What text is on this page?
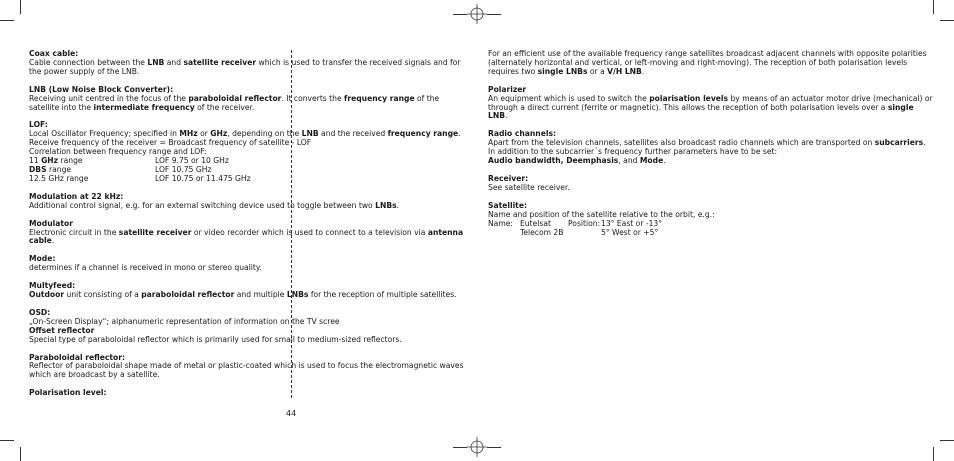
Coax cable:

Cable connection between the LNB and satellite receiver which is used to transfer the received signals and for the power supply of the LNB.

LNB (Low Noise Block Converter):

Receiving unit centred in the focus of the paraboloidal reflector. It converts the frequency range of the satellite into the intermediate frequency of the receiver.

LOF:

Local Oscillator Frequency; specified in MHz or GHz, depending on the LNB and the received frequency range.

Receive frequency of the receiver = Broadcast frequency of satellite - LOF

Correlation between frequency range and LOF:

11 GHz range	LOF 9.75 or 10 GHz

DBS range	LOF 10.75 GHz

12.5 GHz range	LOF 10.75 or 11.475 GHz

Modulation at 22 kHz:

Additional control signal, e.g. for an external switching device used to toggle between two LNBs.

Modulator

Electronic circuit in the satellite receiver or video recorder which is used to connect to a television via antenna cable.

Mode:

determines if a channel is received in mono or stereo quality.

Multyfeed:

Outdoor unit consisting of a paraboloidal reflector and multiple LNBs for the reception of multiple satellites.

OSD:

„On-Screen Display“; alphanumeric representation of information on the TV scree

Offset reflector

Special type of paraboloidal reflector which is primarily used for small to medium-sized reflectors.

Paraboloidal reflector:

Reflector of paraboloidal shape made of metal or plastic-coated which is used to focus the electromagnetic waves which are broadcast by a satellite.

Polarisation level:

For an efficient use of the available frequency range satellites broadcast adjacent channels with opposite polarities (alternately horizontal and vertical, or left-moving and right-moving). The reception of both polarisation levels requires two single LNBs or a V/H LNB.

Polarizer

An equipment which is used to switch the polarisation levels by means of an actuator motor drive (mechanical) or through a direct current (ferrite or magnetic). This allows the reception of both polarisation levels over a single LNB.

Radio channels:

Apart from the television channels, satellites also broadcast radio channels which are transported on subcarriers. In addition to the subcarrier´s frequency further parameters have to be set:

Audio bandwidth, Deemphasis, and Mode.

Receiver:

See satellite receiver.

Satellite:

Name and position of the satellite relative to the orbit, e.g.:

Name: Eutelsat Position:13° East or -13°

Telecom 2B	5° West or +5°

44
